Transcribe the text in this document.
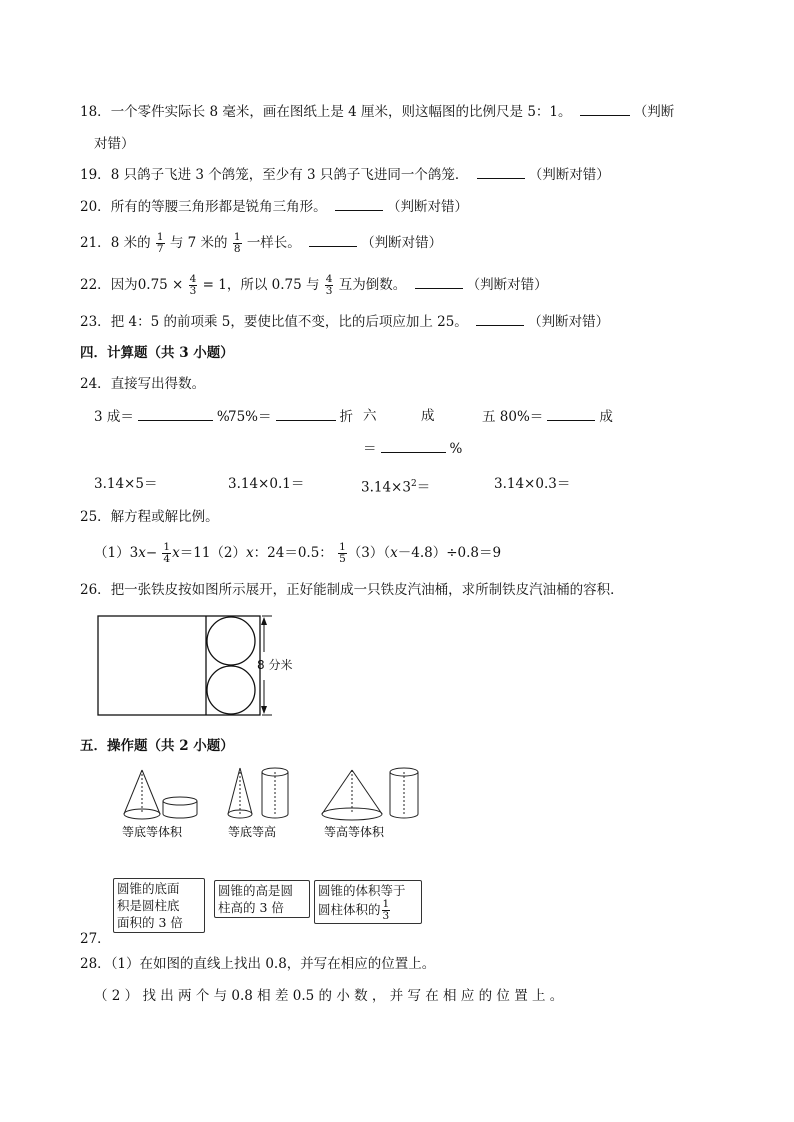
18．一个零件实际长 8 毫米，画在图纸上是 4 厘米，则这幅图的比例尺是 5：1。	（判断
对错）
19．8 只鸽子飞进 3 个鸽笼，至少有 3 只鸽子飞进同一个鸽笼．	（判断对错）
20．所有的等腰三角形都是锐角三角形。	（判断对错）
21．8 米的 $\frac{1}{7}$ 与 7 米的 $\frac{1}{8}$ 一样长。	（判断对错）
22．因为$0.75 \times \frac{4}{3} = 1$，所以 0.75 与 $\frac{4}{3}$ 互为倒数。	（判断对错）
23．把 4：5 的前项乘 5，要使比值不变，比的后项应加上 25。	（判断对错）
四．计算题（共 3 小题）
24．直接写出得数。
3 成＝	%
75%＝	折 六	成	五 80%＝	成
＝	%
3.14×5＝	3.14×0.1＝	$3.14\times 3^2=$	3.14×0.3＝
25．解方程或解比例。
$(1)3x- \frac{1}{4} x=11(2)x$：24＝0.5： $\frac{1}{5} (3)(x-4.8)\div 0.8=9$
26．把一张铁皮按如图所示展开，正好能制成一只铁皮汽油桶，求所制铁皮汽油桶的容积．
8 分米
五．操作题（共 2 小题）
等底等体积	等底等高	等高等体积
圆锥的底面
积是圆柱底
面积的 3 倍
圆锥的高是圆
柱高的 3 倍
圆锥的体积等于
圆柱体积的 $\frac{1}{3}$
27．
28．（1）在如图的直线上找出 0.8，并写在相应的位置上。
（ 2 ） 找 出 两 个 与 0.8 相 差 0.5 的 小 数 ， 并 写 在 相 应 的 位 置 上 。
